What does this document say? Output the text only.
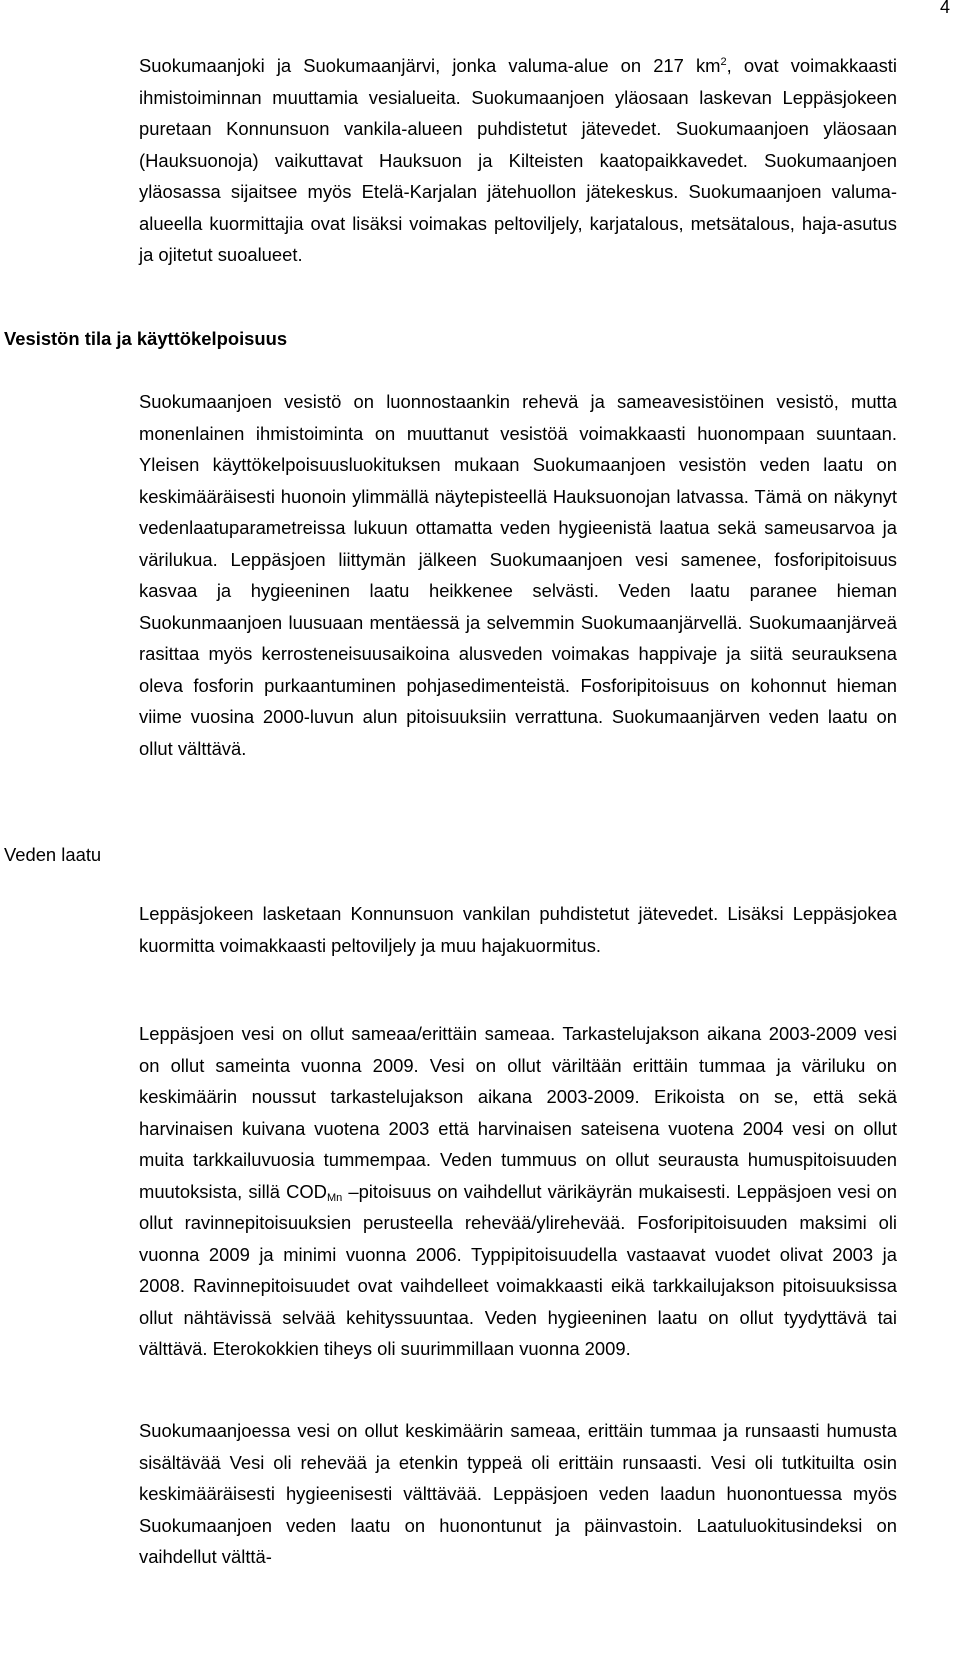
4

Suokumaanjoki ja Suokumaanjärvi, jonka valuma-alue on 217 $km^2$, ovat voimakkaasti ihmistoiminnan muuttamia vesialueita. Suokumaanjoen yläosaan laskevan Leppäsjokeen puretaan Konnunsuon vankila-alueen puhdistetut jätevedet. Suokumaanjoen yläosaan (Hauksuonoja) vaikuttavat Hauksuon ja Kilteisten kaatopaikkavedet. Suokumaanjoen yläosassa sijaitsee myös Etelä-Karjalan jätehuollon jätekeskus. Suokumaanjoen valuma-alueella kuormittajia ovat lisäksi voimakas peltoviljely, karjatalous, metsätalous, haja-asutus ja ojitetut suoalueet.

Vesistön tila ja käyttökelpoisuus

Suokumaanjoen vesistö on luonnostaankin rehevä ja sameavesistöinen vesistö, mutta monenlainen ihmistoiminta on muuttanut vesistöä voimakkaasti huonompaan suuntaan. Yleisen käyttökelpoisuusluokituksen mukaan Suokumaanjoen vesistön veden laatu on keskimääräisesti huonoin ylimmällä näytepisteellä Hauksuonojan latvassa. Tämä on näkynyt vedenlaatuparametreissa lukuun ottamatta veden hygieenistä laatua sekä sameusarvoa ja värilukua. Leppäsjoen liittymän jälkeen Suokumaanjoen vesi samenee, fosforipitoisuus kasvaa ja hygieeninen laatu heikkenee selvästi. Veden laatu paranee hieman Suokunmaanjoen luusuaan mentäessä ja selvemmin Suokumaanjärvellä. Suokumaanjärveä rasittaa myös kerrosteneisuusaikoina alusveden voimakas happivaje ja siitä seurauksena oleva fosforin purkaantuminen pohjasedimenteistä. Fosforipitoisuus on kohonnut hieman viime vuosina 2000-luvun alun pitoisuuksiin verrattuna. Suokumaanjärven veden laatu on ollut välttävä.

Veden laatu

Leppäsjokeen lasketaan Konnunsuon vankilan puhdistetut jätevedet. Lisäksi Leppäsjokea kuormitta voimakkaasti peltoviljely ja muu hajakuormitus.

Leppäsjoen vesi on ollut sameaa/erittäin sameaa. Tarkastelujakson aikana 2003-2009 vesi on ollut sameinta vuonna 2009. Vesi on ollut väriltään erittäin tummaa ja väriluku on keskimäärin noussut tarkastelujakson aikana 2003-2009. Erikoista on se, että sekä harvinaisen kuivana vuotena 2003 että harvinaisen sateisena vuotena 2004 vesi on ollut muita tarkkailuvuosia tummempaa. Veden tummuus on ollut seurausta humuspitoisuuden muutoksista, sillä $COD_{Mn}$ –pitoisuus on vaihdellut värikäyrän mukaisesti. Leppäsjoen vesi on ollut ravinnepitoisuuksien perusteella rehevää/ylirehevää. Fosforipitoisuuden maksimi oli vuonna 2009 ja minimi vuonna 2006. Typpipitoisuudella vastaavat vuodet olivat 2003 ja 2008. Ravinnepitoisuudet ovat vaihdelleet voimakkaasti eikä tarkkailujakson pitoisuuksissa ollut nähtävissä selvää kehityssuuntaa. Veden hygieeninen laatu on ollut tyydyttävä tai välttävä. Eterokokkien tiheys oli suurimmillaan vuonna 2009.

Suokumaanjoessa vesi on ollut keskimäärin sameaa, erittäin tummaa ja runsaasti humusta sisältävää Vesi oli rehevää ja etenkin typpeä oli erittäin runsaasti. Vesi oli tutkituilta osin keskimääräisesti hygieenisesti välttävää. Leppäsjoen veden laadun huonontuessa myös Suokumaanjoen veden laatu on huonontunut ja päinvastoin. Laatuluokitusindeksi on vaihdellut välttä-
